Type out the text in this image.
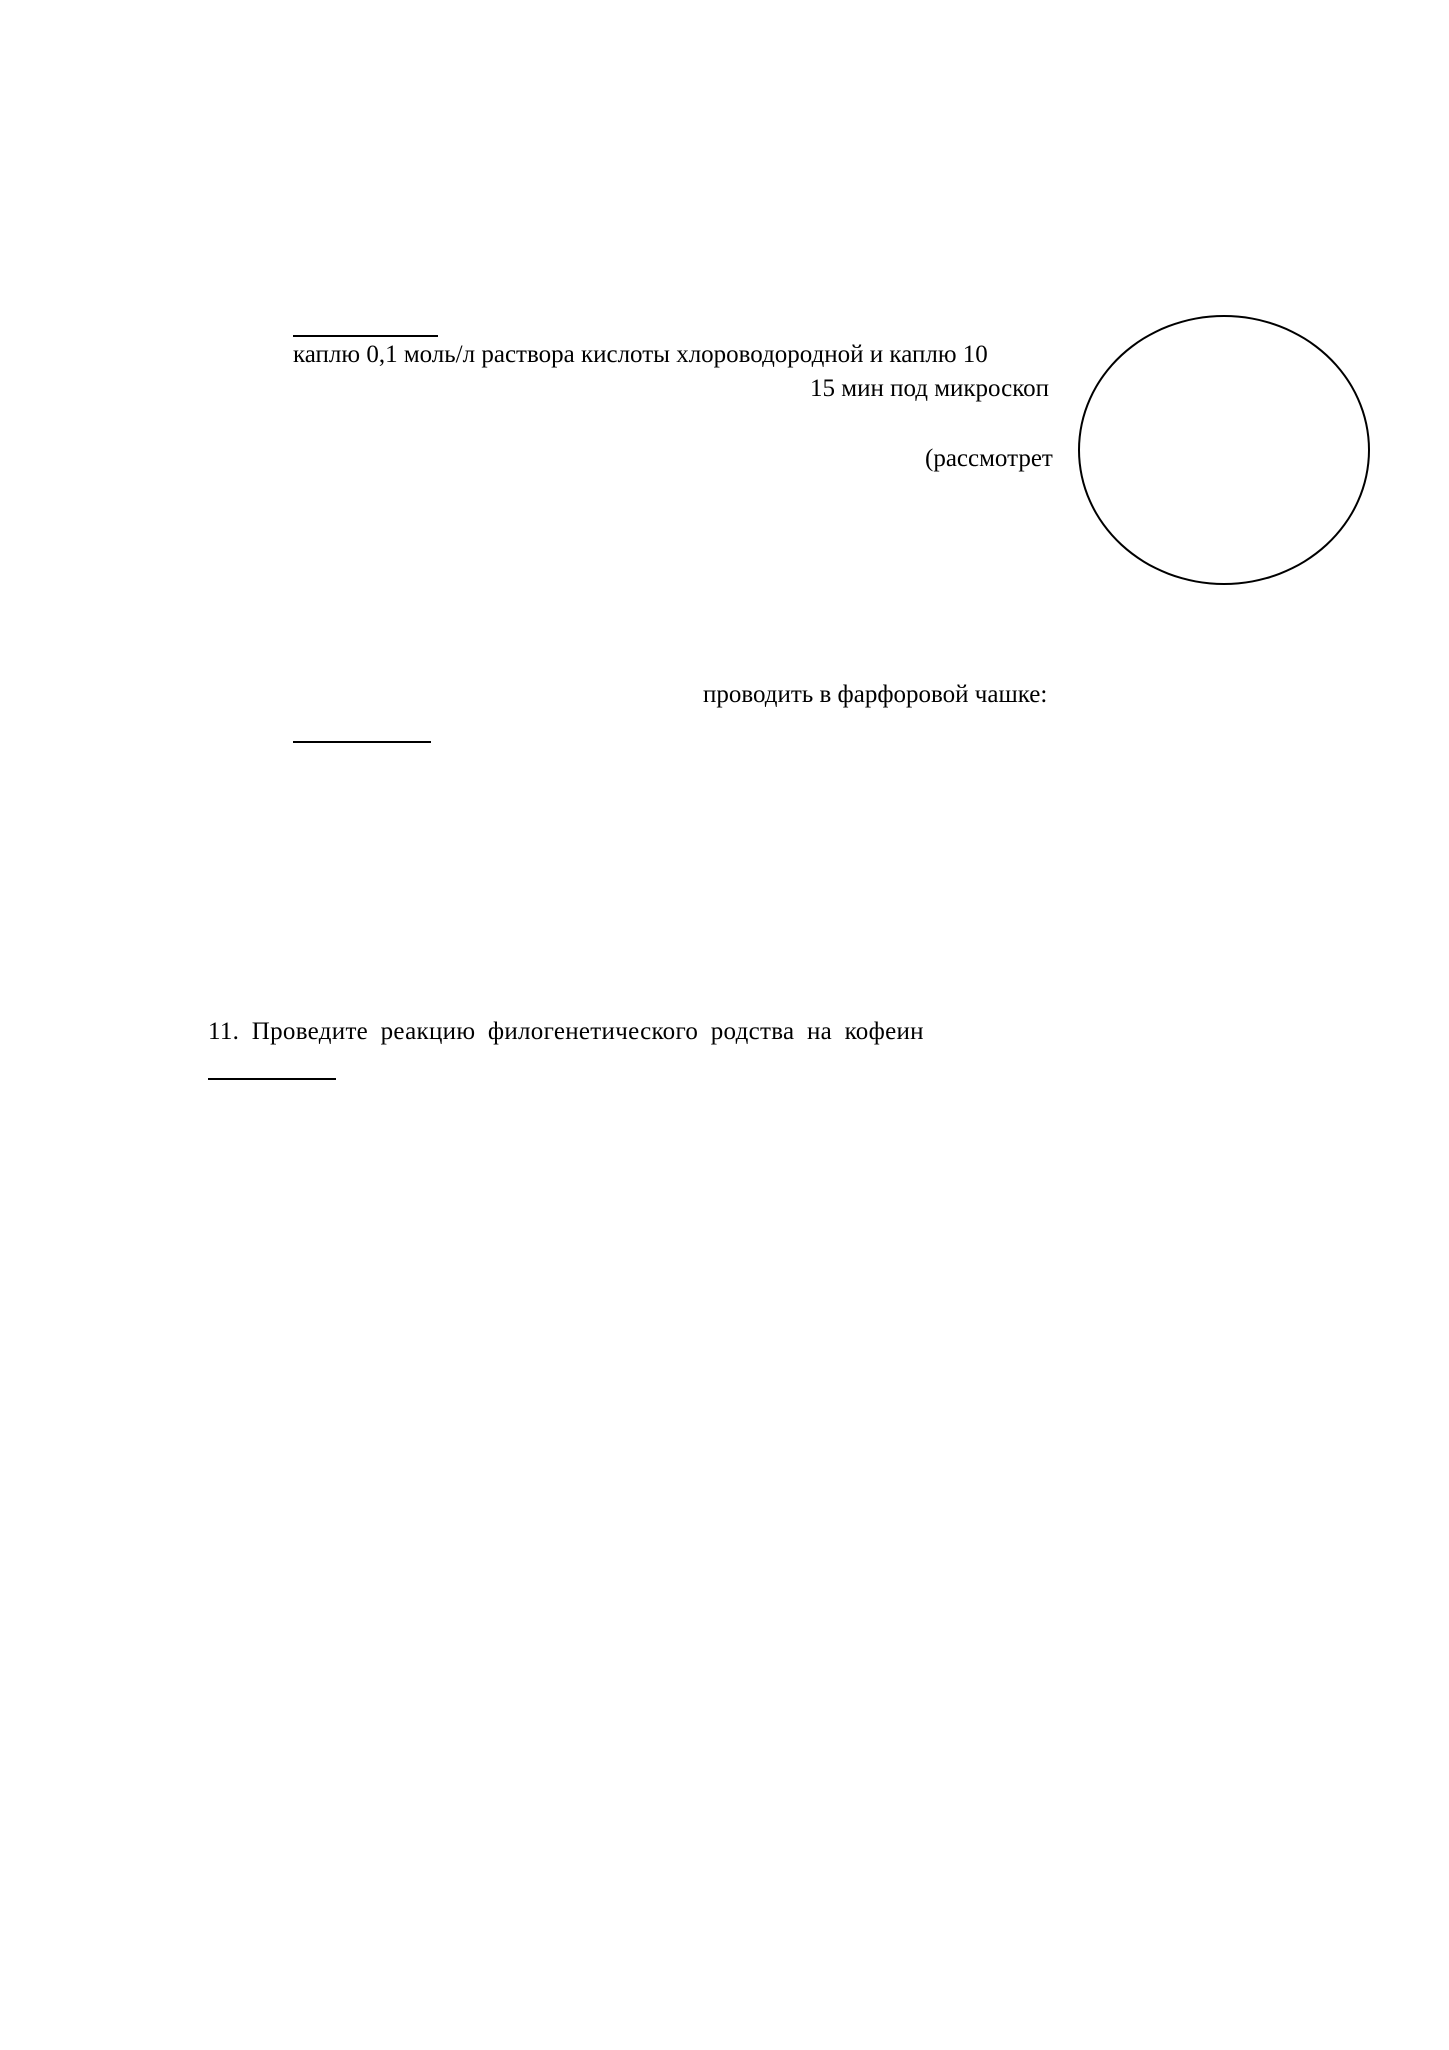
каплю 0,1 моль/л раствора кислоты хлороводородной и каплю 10
15 мин под микроскоп
(рассмотрет
проводить в фарфоровой чашке:
11. Проведите реакцию филогенетического родства на кофеин
